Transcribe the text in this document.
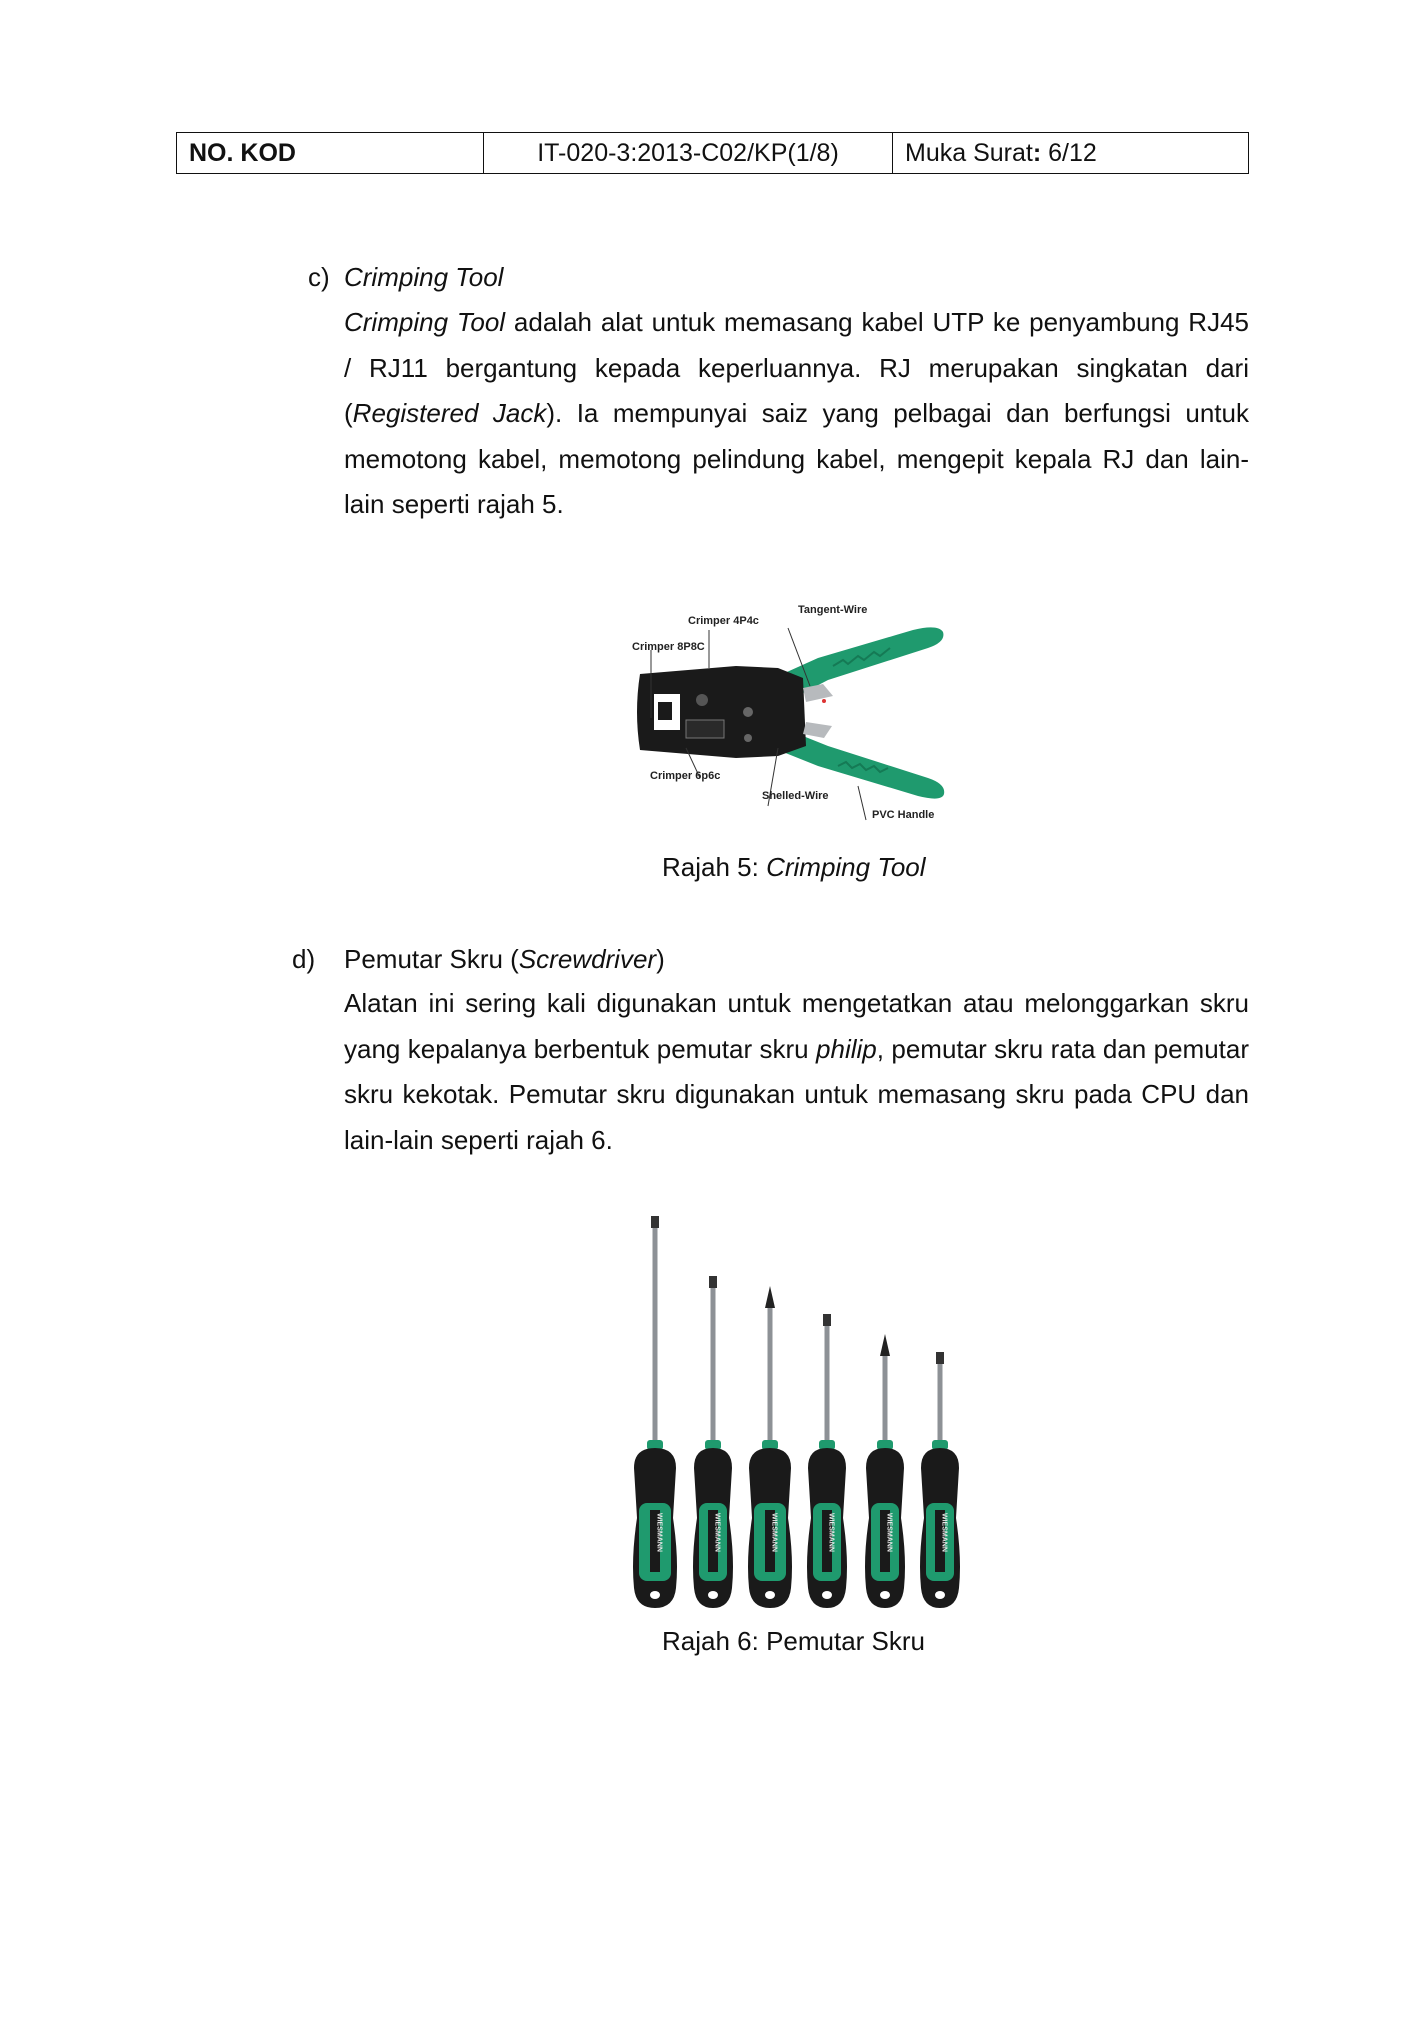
NO. KOD	IT-020-3:2013-C02/KP(1/8)	Muka Surat: 6/12
c) Crimping Tool
Crimping Tool adalah alat untuk memasang kabel UTP ke penyambung RJ45
/ RJ11 bergantung kepada keperluannya. RJ merupakan singkatan dari
(Registered Jack). Ia mempunyai saiz yang pelbagai dan berfungsi untuk
memotong kabel, memotong pelindung kabel, mengepit kepala RJ dan lain-
lain seperti rajah 5.
Tangent-Wire
Crimper 4P4c
Crimper 8P8C
Crimper 6p6c
Shelled-Wire
PVC Handle
Rajah 5: Crimping Tool
d) Pemutar Skru (Screwdriver)
Alatan ini sering kali digunakan untuk mengetatkan atau melonggarkan skru
yang kepalanya berbentuk pemutar skru philip, pemutar skru rata dan pemutar
skru kekotak. Pemutar skru digunakan untuk memasang skru pada CPU dan
lain-lain seperti rajah 6.
WIESMANN	WIESMANN	WIESMANN	WIESMANN	WIESMANN	WIESMANN
Rajah 6: Pemutar Skru
